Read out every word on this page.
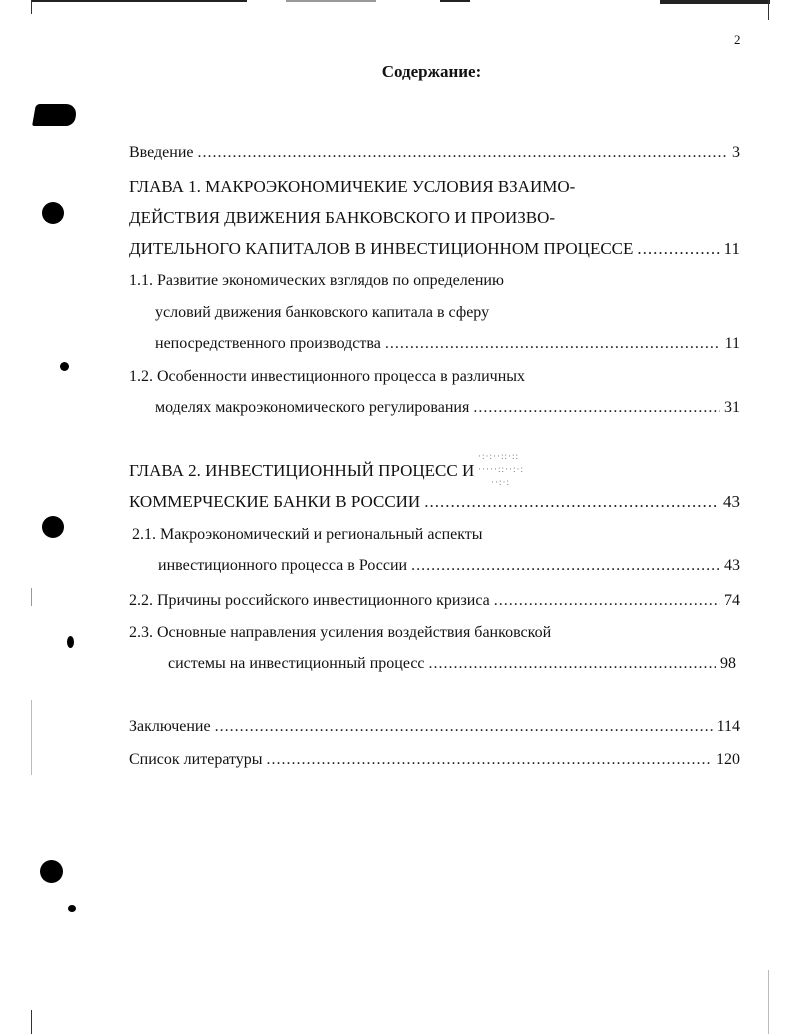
·:·:··::·::
·····::··:·:
··:·:
2
Содержание:
Введение .....	3
ГЛАВА 1. МАКРОЭКОНОМИЧЕКИЕ УСЛОВИЯ ВЗАИМО-
ДЕЙСТВИЯ ДВИЖЕНИЯ БАНКОВСКОГО И ПРОИЗВО-
ДИТЕЛЬНОГО КАПИТАЛОВ В ИНВЕСТИЦИОННОМ ПРОЦЕССЕ .....	11
1.1. Развитие экономических взглядов по определению
условий движения банковского капитала в сферу
непосредственного производства .....	11
1.2. Особенности инвестиционного процесса в различных
моделях макроэкономического регулирования .....	31
ГЛАВА 2. ИНВЕСТИЦИОННЫЙ ПРОЦЕСС И
КОММЕРЧЕСКИЕ БАНКИ В РОССИИ .....	43
2.1. Макроэкономический и региональный аспекты
инвестиционного процесса в России .....	43
2.2. Причины российского инвестиционного кризиса .....	74
2.3. Основные направления усиления воздействия банковской
системы на инвестиционный процесс .....	98
Заключение .....	114
Список литературы .....	120
